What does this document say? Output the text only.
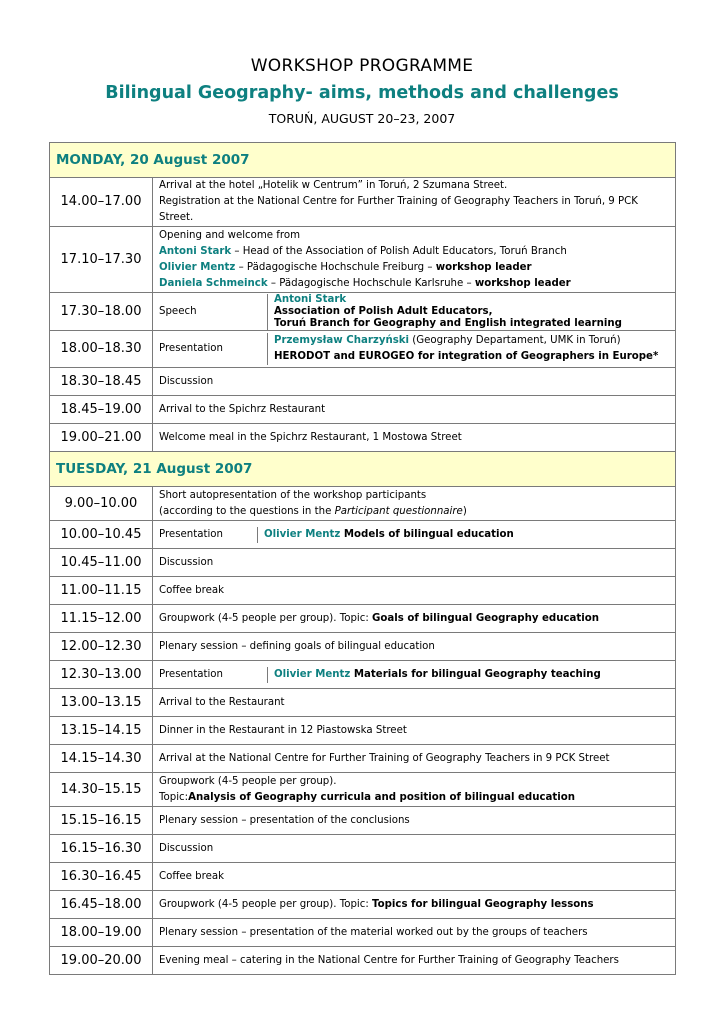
WORKSHOP PROGRAMME
Bilingual Geography- aims, methods and challenges
TORUŃ, AUGUST 20–23, 2007
MONDAY, 20 August 2007
14.00–17.00	
Arrival at the hotel „Hotelik w Centrum” in Toruń, 2 Szumana Street.
Registration at the National Centre for Further Training of Geography Teachers in Toruń, 9 PCK Street.

17.10–17.30	
Opening and welcome from
Antoni Stark – Head of the Association of Polish Adult Educators, Toruń Branch
Olivier Mentz – Pädagogische Hochschule Freiburg – workshop leader
Daniela Schmeinck – Pädagogische Hochschule Karlsruhe – workshop leader

17.30–18.00	Speech	
Antoni Stark
Association of Polish Adult Educators,
Toruń Branch for Geography and English integrated learning

18.00–18.30	Presentation	
Przemysław Charzyński (Geography Departament, UMK in Toruń)
HERODOT and EUROGEO for integration of Geographers in Europe*

18.30–18.45	Discussion
18.45–19.00	Arrival to the Spichrz Restaurant
19.00–21.00	Welcome meal in the Spichrz Restaurant, 1 Mostowa Street
TUESDAY, 21 August 2007
9.00–10.00	
Short autopresentation of the workshop participants
(according to the questions in the Participant questionnaire)

10.00–10.45	Presentation	Olivier Mentz Models of bilingual education

10.45–11.00	Discussion
11.00–11.15	Coffee break
11.15–12.00	Groupwork (4-5 people per group). Topic: Goals of bilingual Geography education
12.00–12.30	Plenary session – defining goals of bilingual education
12.30–13.00	Presentation	Olivier Mentz Materials for bilingual Geography teaching

13.00–13.15	Arrival to the Restaurant
13.15–14.15	Dinner in the Restaurant in 12 Piastowska Street
14.15–14.30	Arrival at the National Centre for Further Training of Geography Teachers in 9 PCK Street
14.30–15.15	
Groupwork (4-5 people per group).
Topic:Analysis of Geography curricula and position of bilingual education

15.15–16.15	Plenary session – presentation of the conclusions
16.15–16.30	Discussion
16.30–16.45	Coffee break
16.45–18.00	Groupwork (4-5 people per group). Topic: Topics for bilingual Geography lessons
18.00–19.00	Plenary session – presentation of the material worked out by the groups of teachers
19.00–20.00	Evening meal – catering in the National Centre for Further Training of Geography Teachers
